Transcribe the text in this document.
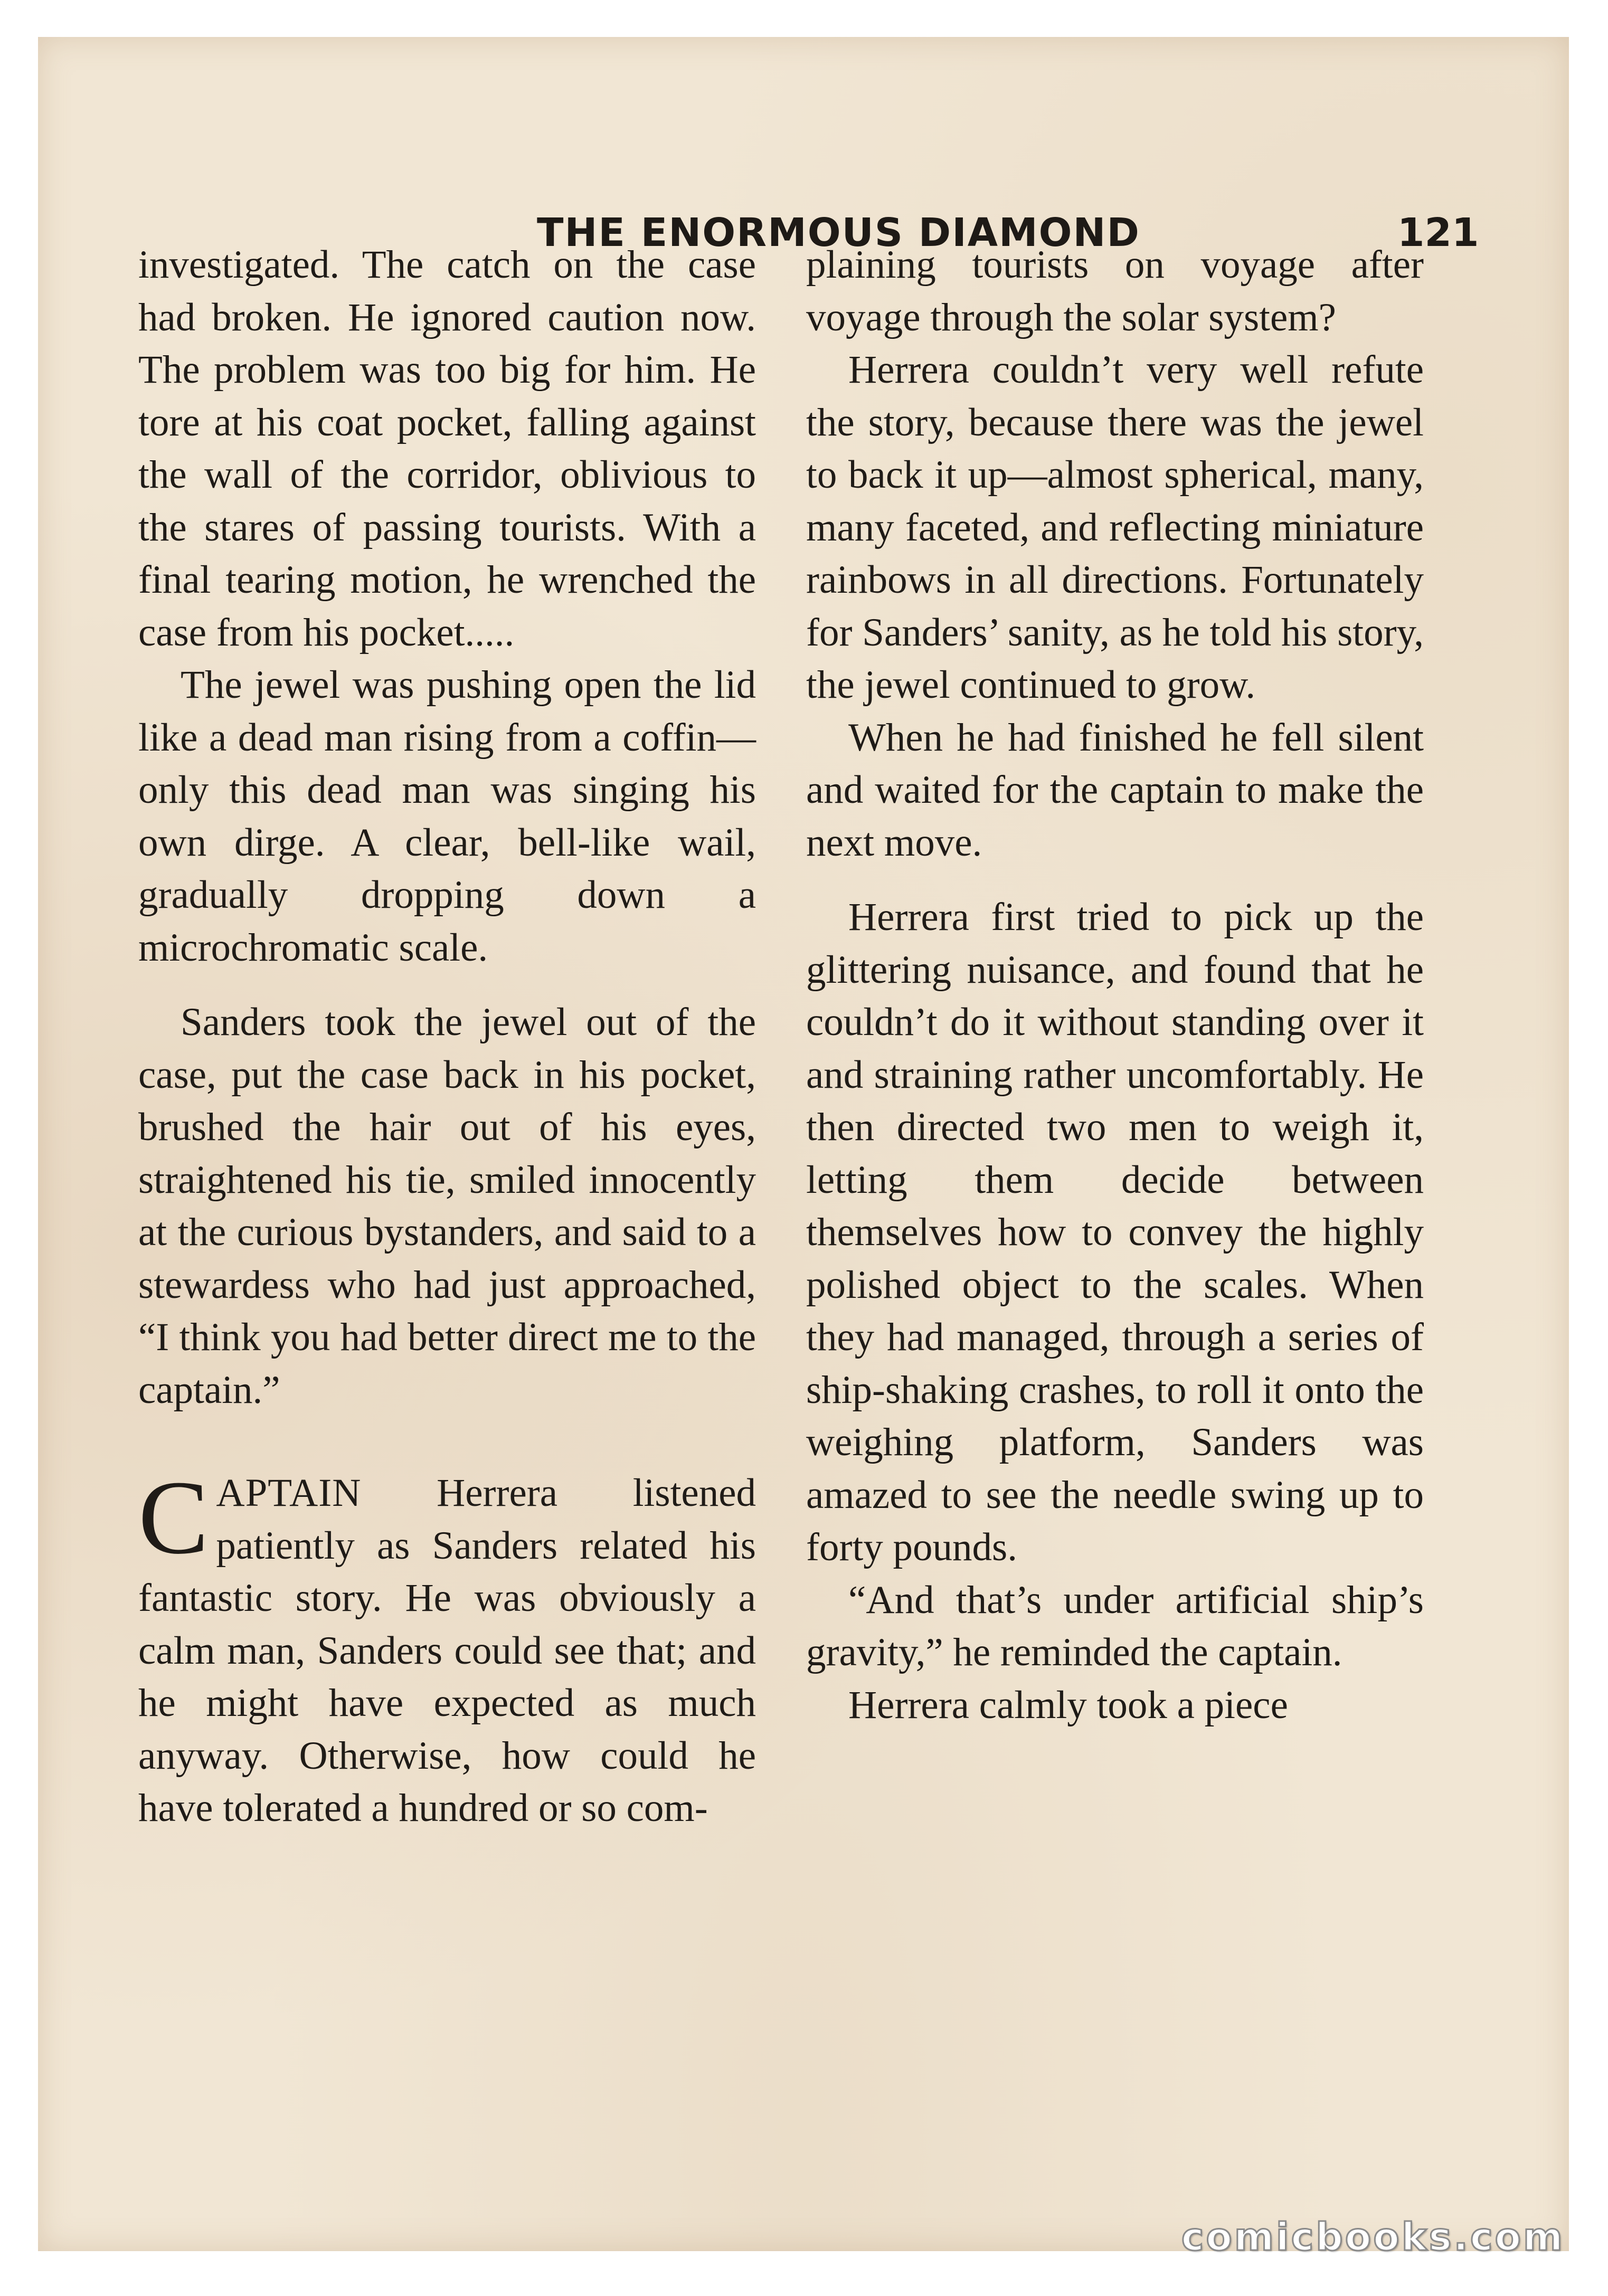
THE ENORMOUS DIAMOND	121

investigated. The catch on the case had broken. He ignored caution now. The problem was too big for him. He tore at his coat pocket, falling against the wall of the corridor, oblivious to the stares of passing tourists. With a final tearing motion, he wrenched the case from his pocket.....

The jewel was pushing open the lid like a dead man rising from a coffin—only this dead man was singing his own dirge. A clear, bell-like wail, gradually dropping down a microchromatic scale.

Sanders took the jewel out of the case, put the case back in his pocket, brushed the hair out of his eyes, straightened his tie, smiled innocently at the curious bystanders, and said to a stewardess who had just approached, “I think you had better direct me to the captain.”

CAPTAIN Herrera listened patiently as Sanders related his fantastic story. He was obviously a calm man, Sanders could see that; and he might have expected as much anyway. Otherwise, how could he have tolerated a hundred or so com-

plaining tourists on voyage after voyage through the solar system?

Herrera couldn’t very well refute the story, because there was the jewel to back it up—almost spherical, many, many faceted, and reflecting miniature rainbows in all directions. Fortunately for Sanders’ sanity, as he told his story, the jewel continued to grow.

When he had finished he fell silent and waited for the captain to make the next move.

Herrera first tried to pick up the glittering nuisance, and found that he couldn’t do it without standing over it and straining rather uncomfortably. He then directed two men to weigh it, letting them decide between themselves how to convey the highly polished object to the scales. When they had managed, through a series of ship-shaking crashes, to roll it onto the weighing platform, Sanders was amazed to see the needle swing up to forty pounds.

“And that’s under artificial ship’s gravity,” he reminded the captain.

Herrera calmly took a piece

comicbooks.com
